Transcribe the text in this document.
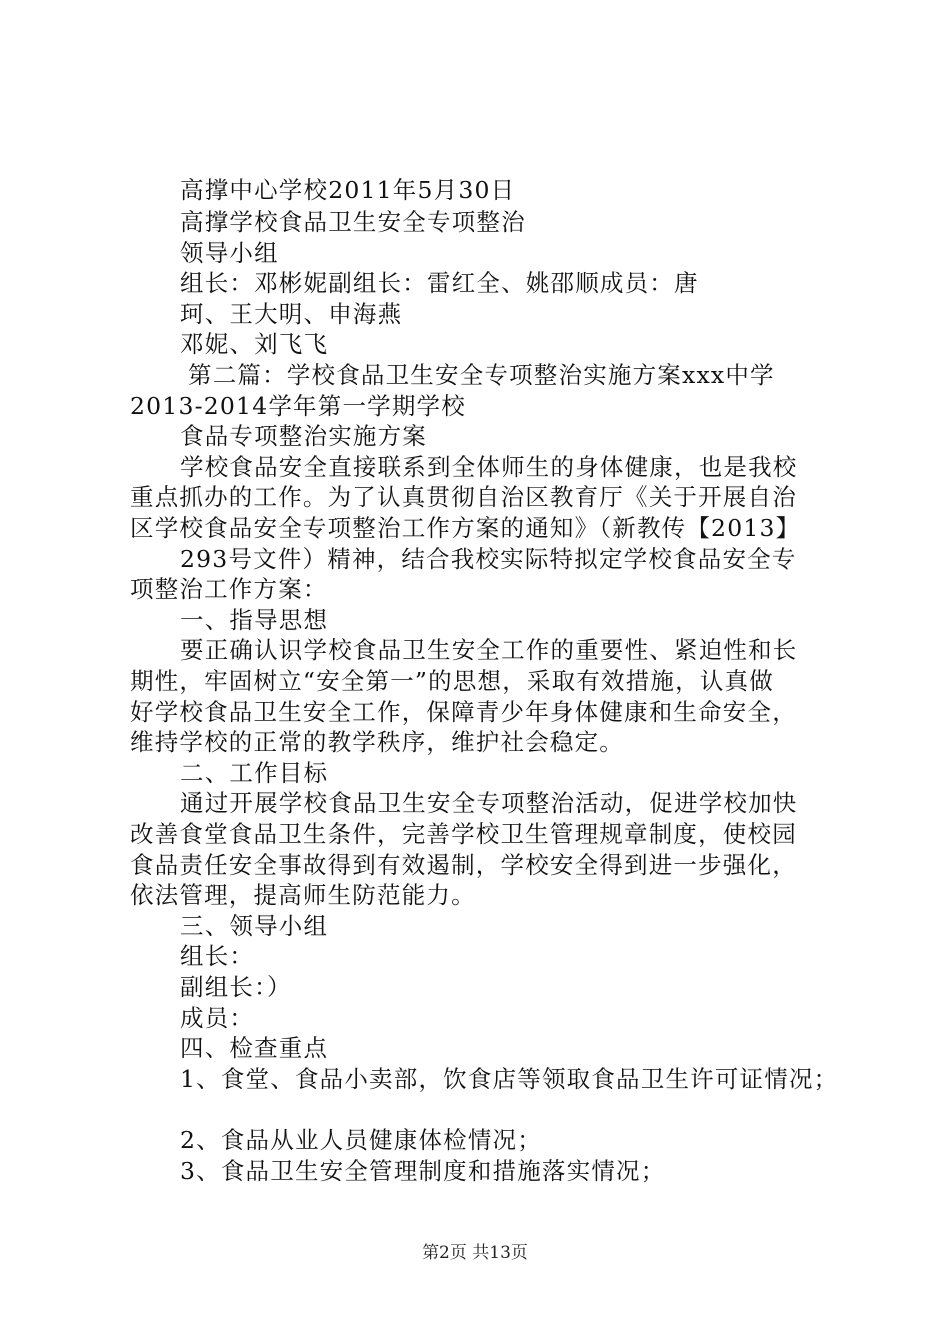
高撑中心学校2011年5月30日
高撑学校食品卫生安全专项整治
领导小组
组长：邓彬妮副组长：雷红全、姚邵顺成员：唐
珂、王大明、申海燕
邓妮、刘飞飞
第二篇：学校食品卫生安全专项整治实施方案xxx中学
2013-2014学年第一学期学校
食品专项整治实施方案
学校食品安全直接联系到全体师生的身体健康，也是我校
重点抓办的工作。为了认真贯彻自治区教育厅《关于开展自治
区学校食品安全专项整治工作方案的通知》（新教传【2013】
293号文件）精神，结合我校实际特拟定学校食品安全专
项整治工作方案：
一、指导思想
要正确认识学校食品卫生安全工作的重要性、紧迫性和长
期性，牢固树立“安全第一”的思想，采取有效措施，认真做
好学校食品卫生安全工作，保障青少年身体健康和生命安全，
维持学校的正常的教学秩序，维护社会稳定。
二、工作目标
通过开展学校食品卫生安全专项整治活动，促进学校加快
改善食堂食品卫生条件，完善学校卫生管理规章制度，使校园
食品责任安全事故得到有效遏制，学校安全得到进一步强化，
依法管理，提高师生防范能力。
三、领导小组
组长：
副组长：）
成员：
四、检查重点
1、食堂、食品小卖部，饮食店等领取食品卫生许可证情况；
2、食品从业人员健康体检情况；
3、食品卫生安全管理制度和措施落实情况；
第2页 共13页
